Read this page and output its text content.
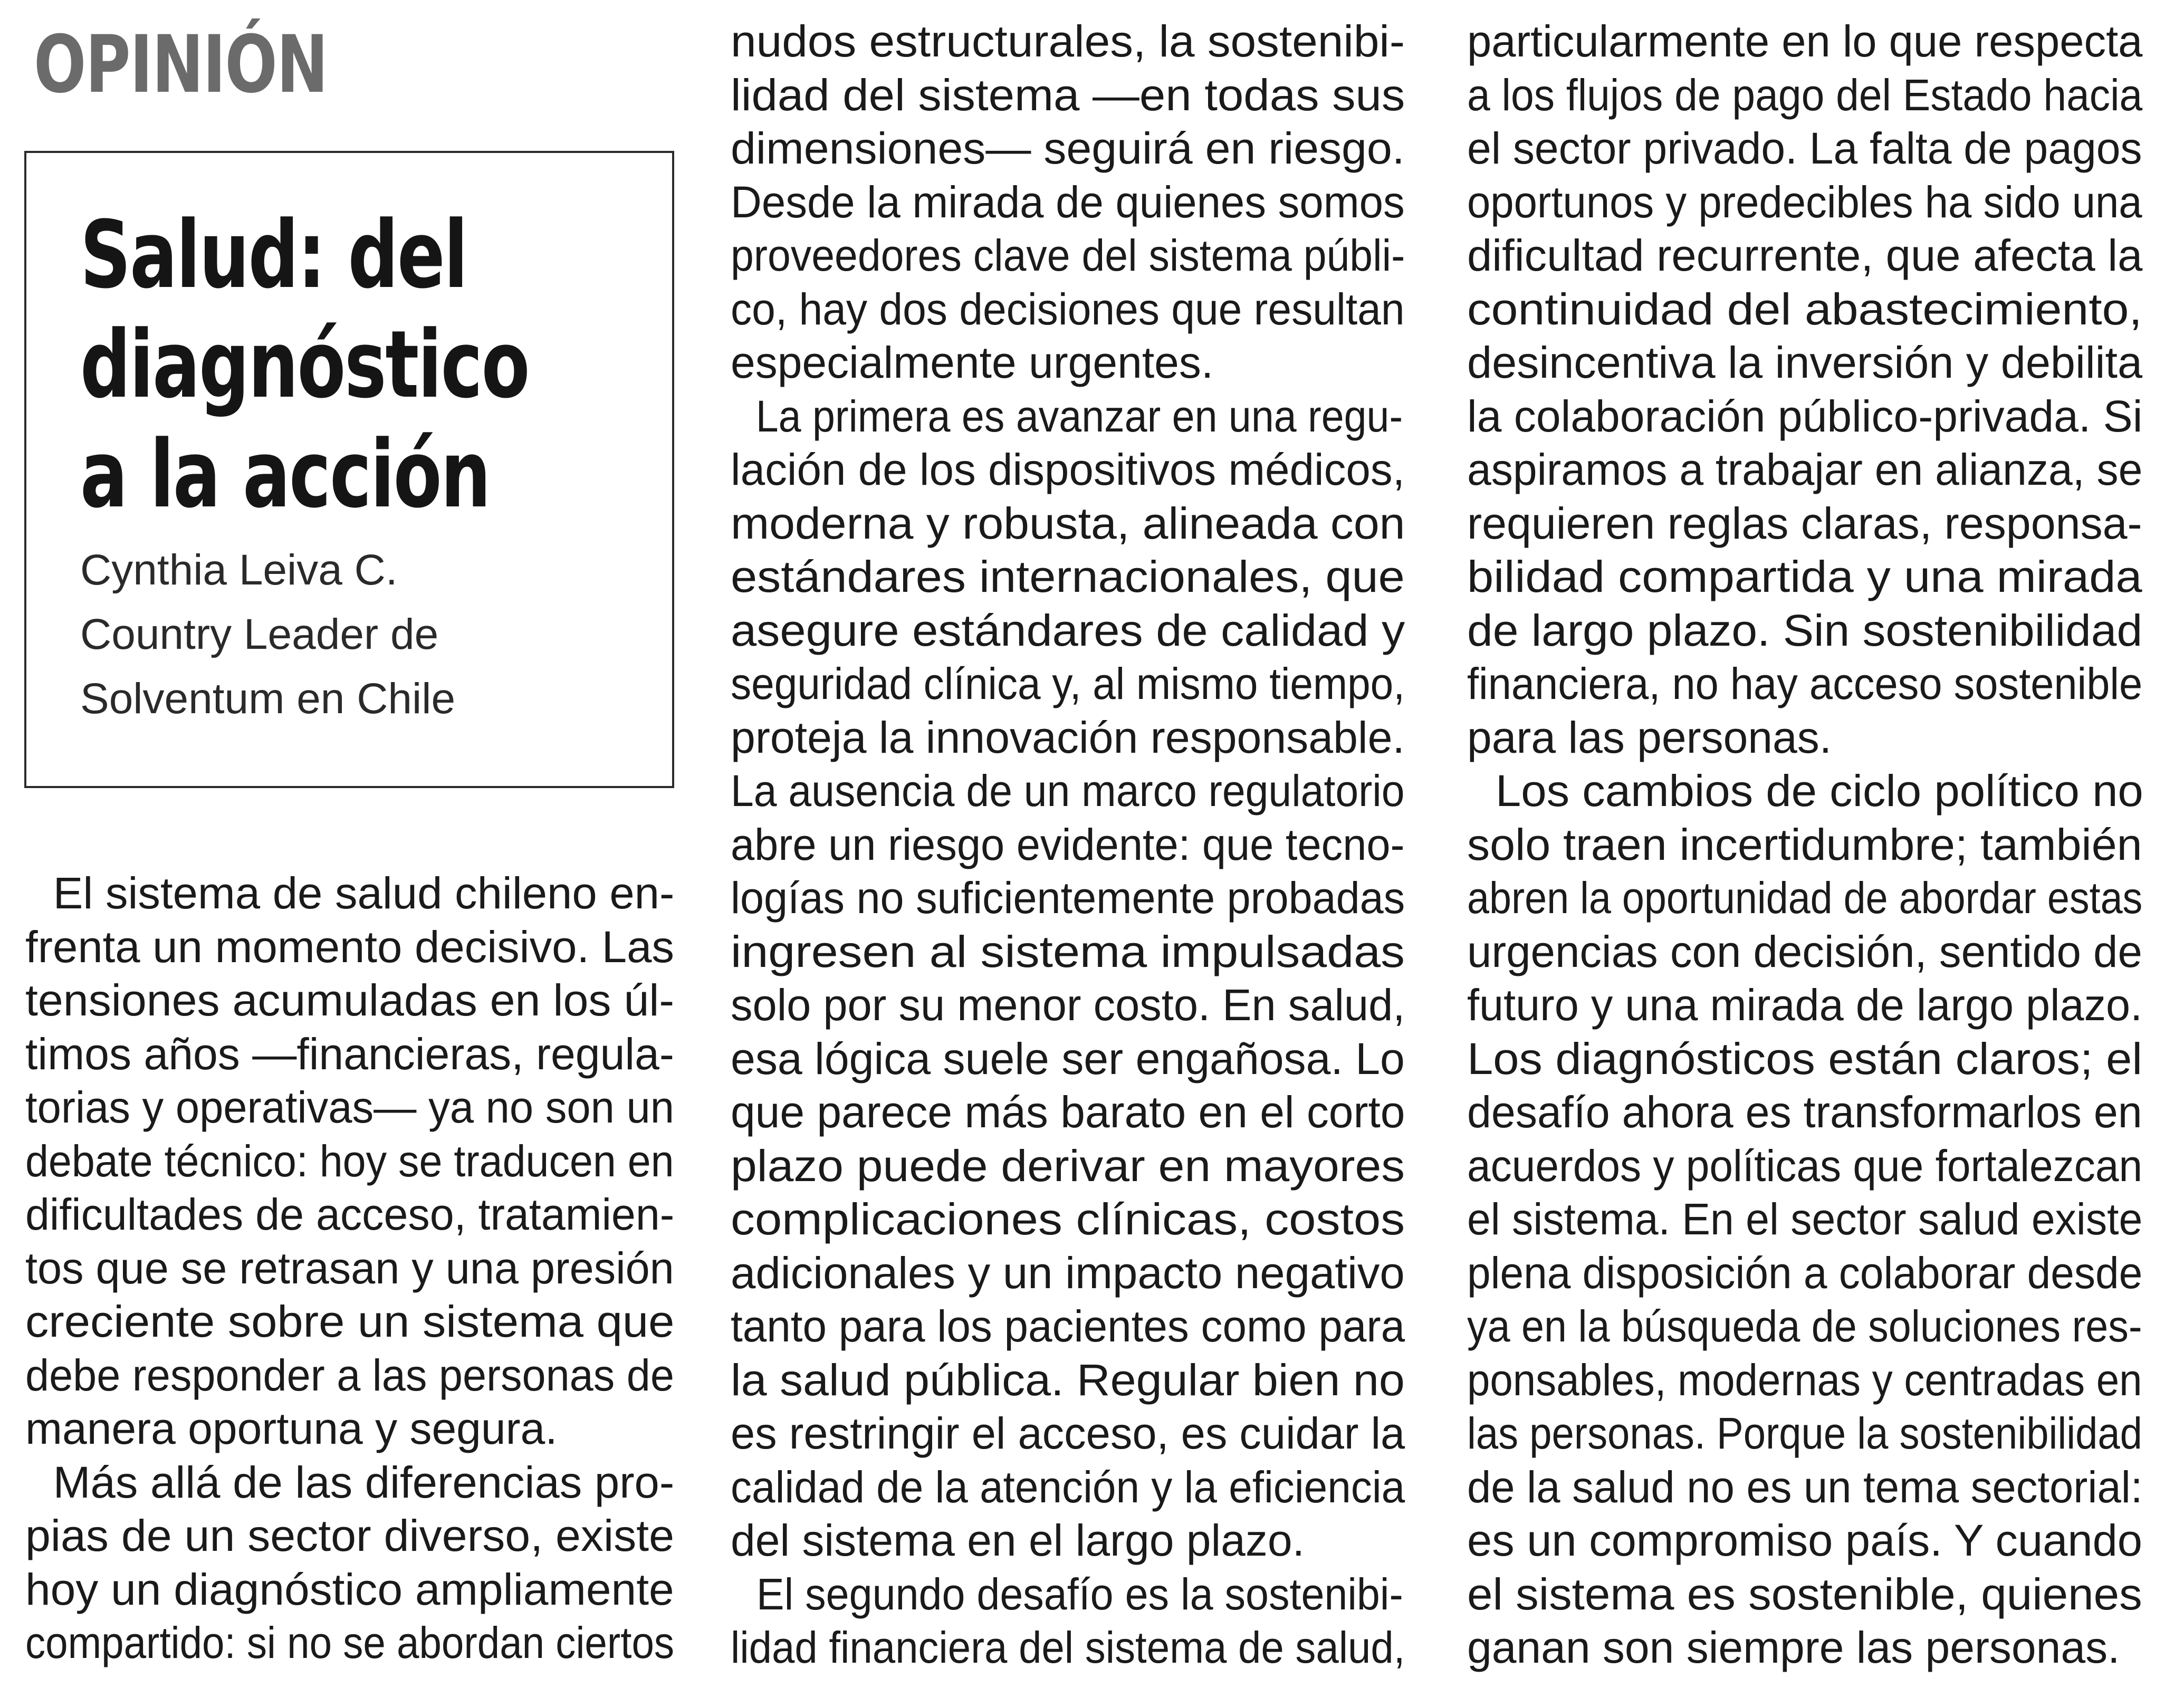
OPINIÓN
Salud: del
diagnóstico
a la acción
Cynthia Leiva C.
Country Leader de
Solventum en Chile

El sistema de salud chileno en-
frenta un momento decisivo. Las
tensiones acumuladas en los úl-
timos años —financieras, regula-
torias y operativas— ya no son un
debate técnico: hoy se traducen en
dificultades de acceso, tratamien-
tos que se retrasan y una presión
creciente sobre un sistema que
debe responder a las personas de
manera oportuna y segura.

Más allá de las diferencias pro-
pias de un sector diverso, existe
hoy un diagnóstico ampliamente
compartido: si no se abordan ciertos

nudos estructurales, la sostenibi-
lidad del sistema —en todas sus
dimensiones— seguirá en riesgo.
Desde la mirada de quienes somos
proveedores clave del sistema públi-
co, hay dos decisiones que resultan
especialmente urgentes.

La primera es avanzar en una regu-
lación de los dispositivos médicos,
moderna y robusta, alineada con
estándares internacionales, que
asegure estándares de calidad y
seguridad clínica y, al mismo tiempo,
proteja la innovación responsable.
La ausencia de un marco regulatorio
abre un riesgo evidente: que tecno-
logías no suficientemente probadas
ingresen al sistema impulsadas
solo por su menor costo. En salud,
esa lógica suele ser engañosa. Lo
que parece más barato en el corto
plazo puede derivar en mayores
complicaciones clínicas, costos
adicionales y un impacto negativo
tanto para los pacientes como para
la salud pública. Regular bien no
es restringir el acceso, es cuidar la
calidad de la atención y la eficiencia
del sistema en el largo plazo.

El segundo desafío es la sostenibi-
lidad financiera del sistema de salud,

particularmente en lo que respecta
a los flujos de pago del Estado hacia
el sector privado. La falta de pagos
oportunos y predecibles ha sido una
dificultad recurrente, que afecta la
continuidad del abastecimiento,
desincentiva la inversión y debilita
la colaboración público-privada. Si
aspiramos a trabajar en alianza, se
requieren reglas claras, responsa-
bilidad compartida y una mirada
de largo plazo. Sin sostenibilidad
financiera, no hay acceso sostenible
para las personas.

Los cambios de ciclo político no
solo traen incertidumbre; también
abren la oportunidad de abordar estas
urgencias con decisión, sentido de
futuro y una mirada de largo plazo.
Los diagnósticos están claros; el
desafío ahora es transformarlos en
acuerdos y políticas que fortalezcan
el sistema. En el sector salud existe
plena disposición a colaborar desde
ya en la búsqueda de soluciones res-
ponsables, modernas y centradas en
las personas. Porque la sostenibilidad
de la salud no es un tema sectorial:
es un compromiso país. Y cuando
el sistema es sostenible, quienes
ganan son siempre las personas.
